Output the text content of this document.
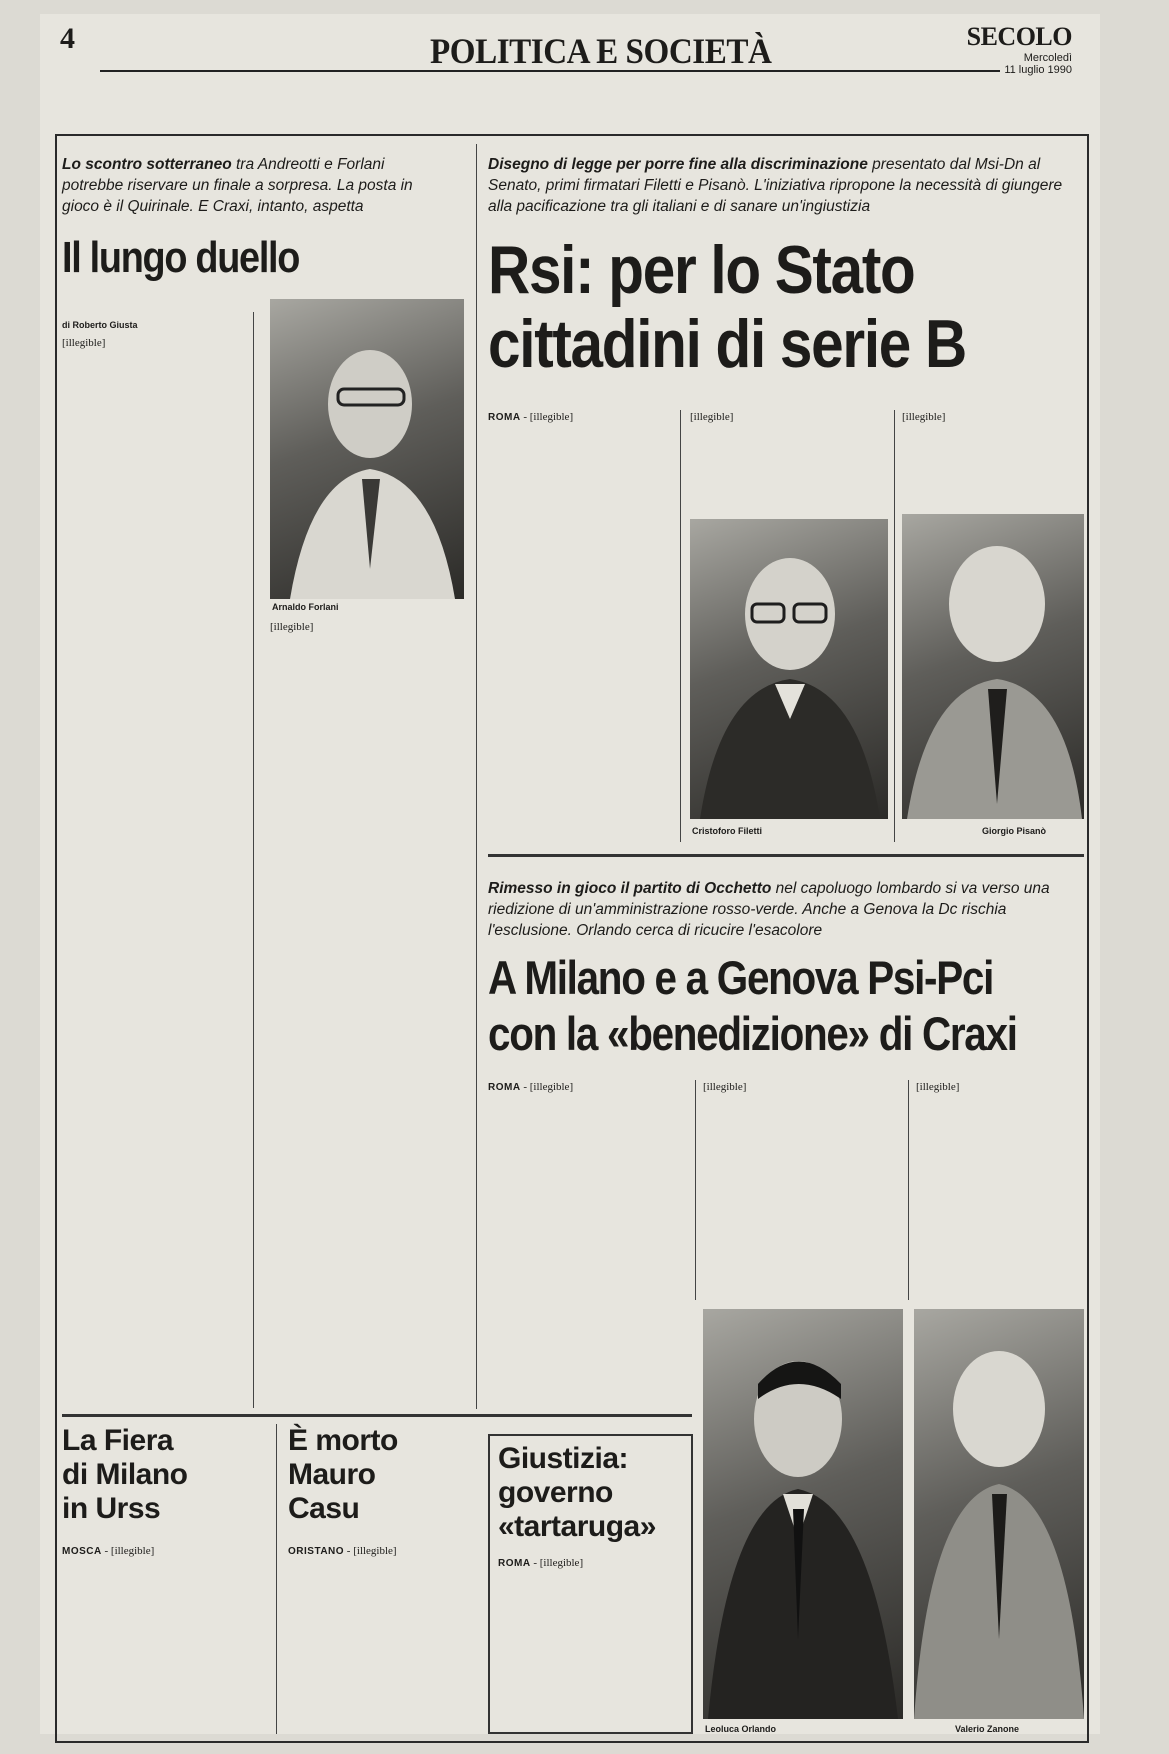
4	POLITICA E SOCIETÀ	SECOLO
Mercoledì
11 luglio 1990
Lo scontro sotterraneo tra Andreotti e Forlani potrebbe riservare un finale a sorpresa. La posta in gioco è il Quirinale. E Craxi, intanto, aspetta
Il lungo duello
di Roberto Giusta
[illegible]
Arnaldo Forlani
[illegible]
Disegno di legge per porre fine alla discriminazione presentato dal Msi-Dn al Senato, primi firmatari Filetti e Pisanò. L'iniziativa ripropone la necessità di giungere alla pacificazione tra gli italiani e di sanare un'ingiustizia
Rsi: per lo Stato
cittadini di serie B
ROMA - [illegible]	[illegible]	[illegible]
Cristoforo Filetti	Giorgio Pisanò
Rimesso in gioco il partito di Occhetto nel capoluogo lombardo si va verso una riedizione di un'amministrazione rosso-verde. Anche a Genova la Dc rischia l'esclusione. Orlando cerca di ricucire l'esacolore
A Milano e a Genova Psi-Pci
con la «benedizione» di Craxi
ROMA - [illegible]	[illegible]	[illegible]
Leoluca Orlando	Valerio Zanone
La Fiera
di Milano
in Urss
MOSCA - [illegible]
È morto
Mauro
Casu
ORISTANO - [illegible]
Giustizia:
governo
«tartaruga»
ROMA - [illegible]
